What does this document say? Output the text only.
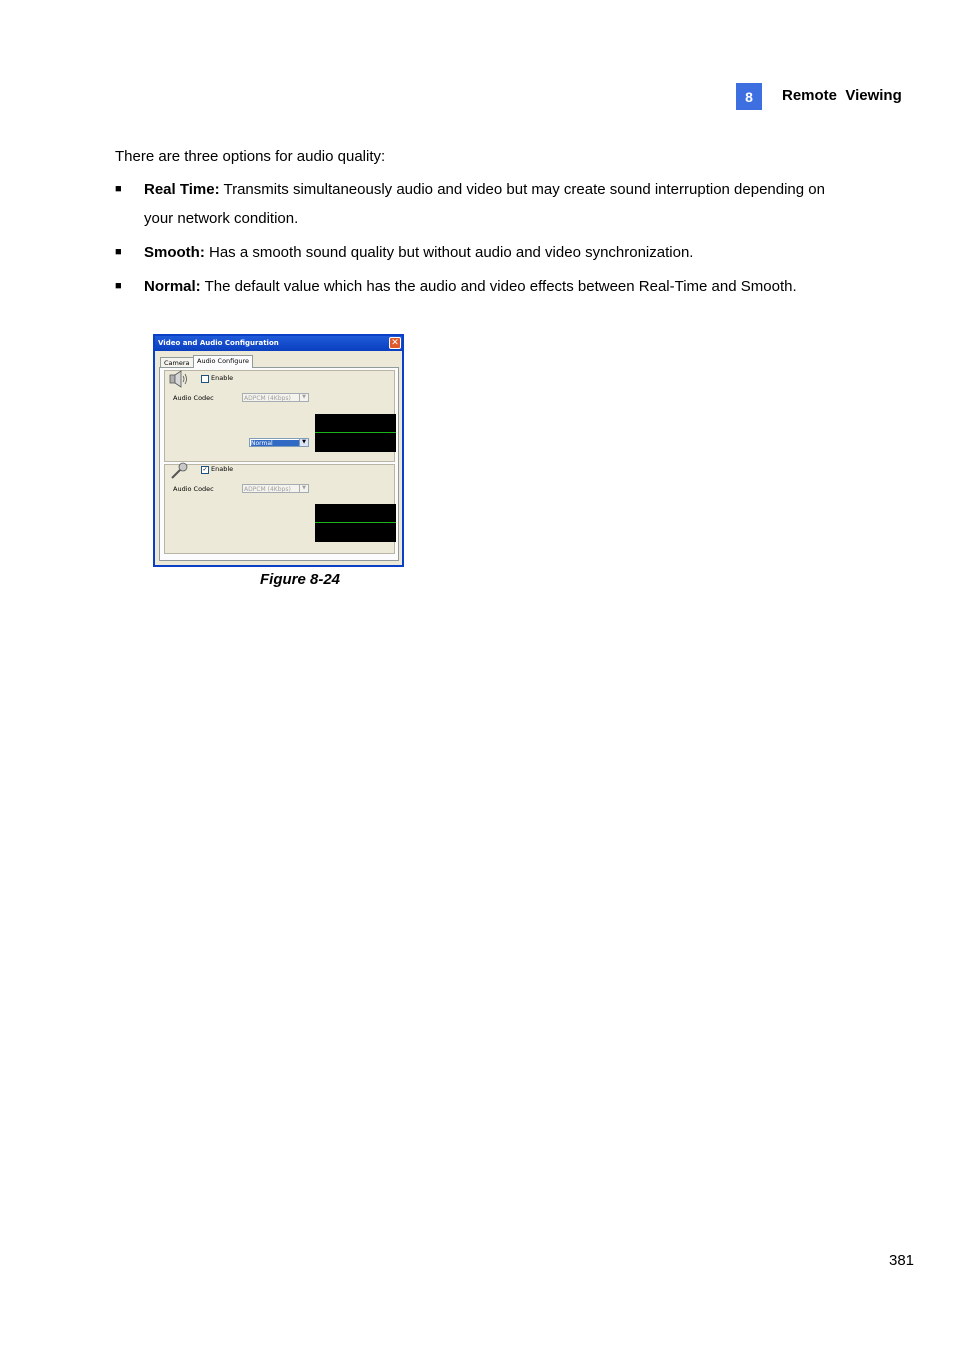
8	Remote  Viewing
There are three options for audio quality:
■ Real Time: Transmits simultaneously audio and video but may create sound interruption depending on your network condition.
■ Smooth: Has a smooth sound quality but without audio and video synchronization.
■ Normal: The default value which has the audio and video effects between Real-Time and Smooth.
Video and Audio Configuration	✕
Camera	Audio Configure
Enable
Audio Codec	ADPCM (4Kbps)	▼
Normal	▼
✓ Enable
Audio Codec	ADPCM (4Kbps)	▼
Figure 8-24
381
